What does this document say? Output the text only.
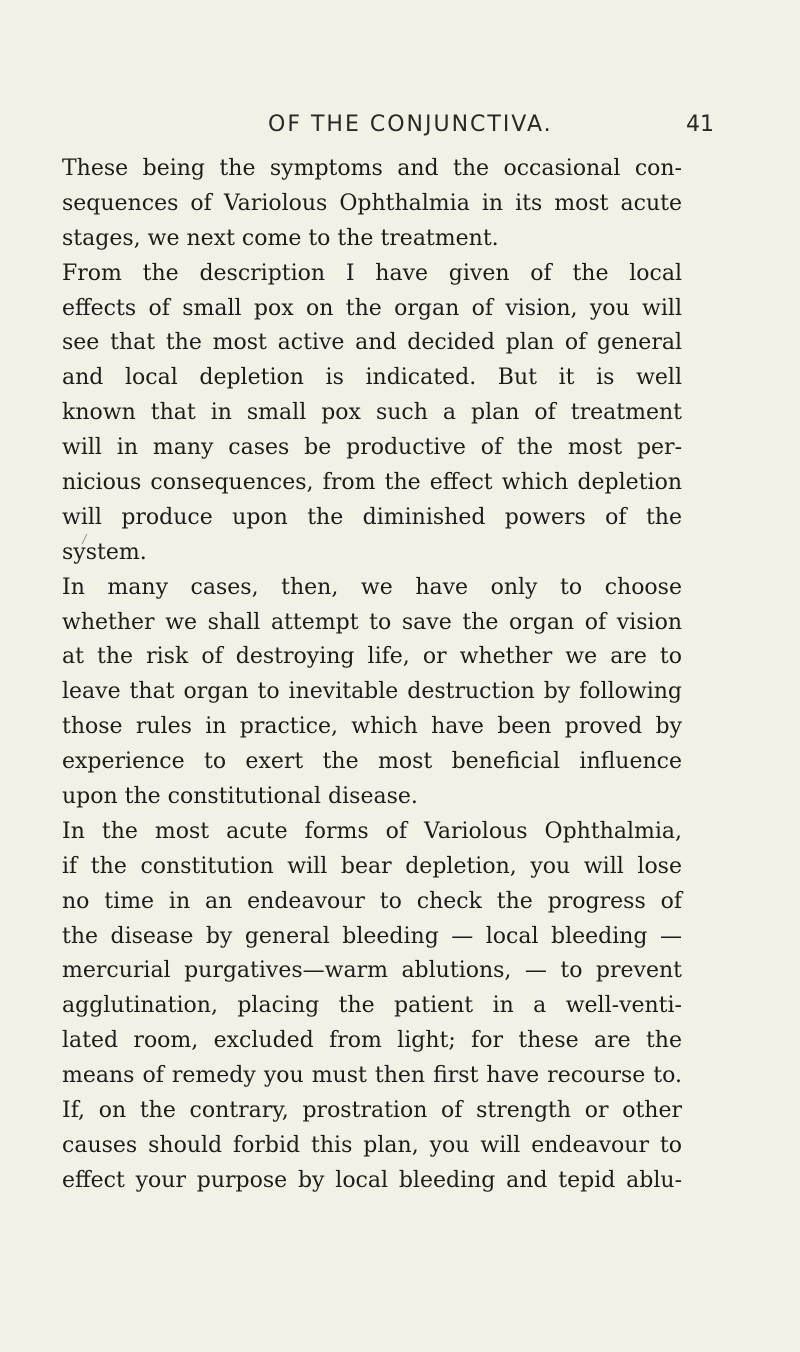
OF THE CONJUNCTIVA.	41
These being the symptoms and the occasional con-
sequences of Variolous Ophthalmia in its most acute
stages, we next come to the treatment.
From the description I have given of the local
effects of small pox on the organ of vision, you will
see that the most active and decided plan of general
and local depletion is indicated. But it is well
known that in small pox such a plan of treatment
will in many cases be productive of the most per-
nicious consequences, from the effect which depletion
will produce upon the diminished powers of the
system.
In many cases, then, we have only to choose
whether we shall attempt to save the organ of vision
at the risk of destroying life, or whether we are to
leave that organ to inevitable destruction by following
those rules in practice, which have been proved by
experience to exert the most beneficial influence
upon the constitutional disease.
In the most acute forms of Variolous Ophthalmia,
if the constitution will bear depletion, you will lose
no time in an endeavour to check the progress of
the disease by general bleeding — local bleeding —
mercurial purgatives—warm ablutions, — to prevent
agglutination, placing the patient in a well-venti-
lated room, excluded from light; for these are the
means of remedy you must then first have recourse to.
If, on the contrary, prostration of strength or other
causes should forbid this plan, you will endeavour to
effect your purpose by local bleeding and tepid ablu-
